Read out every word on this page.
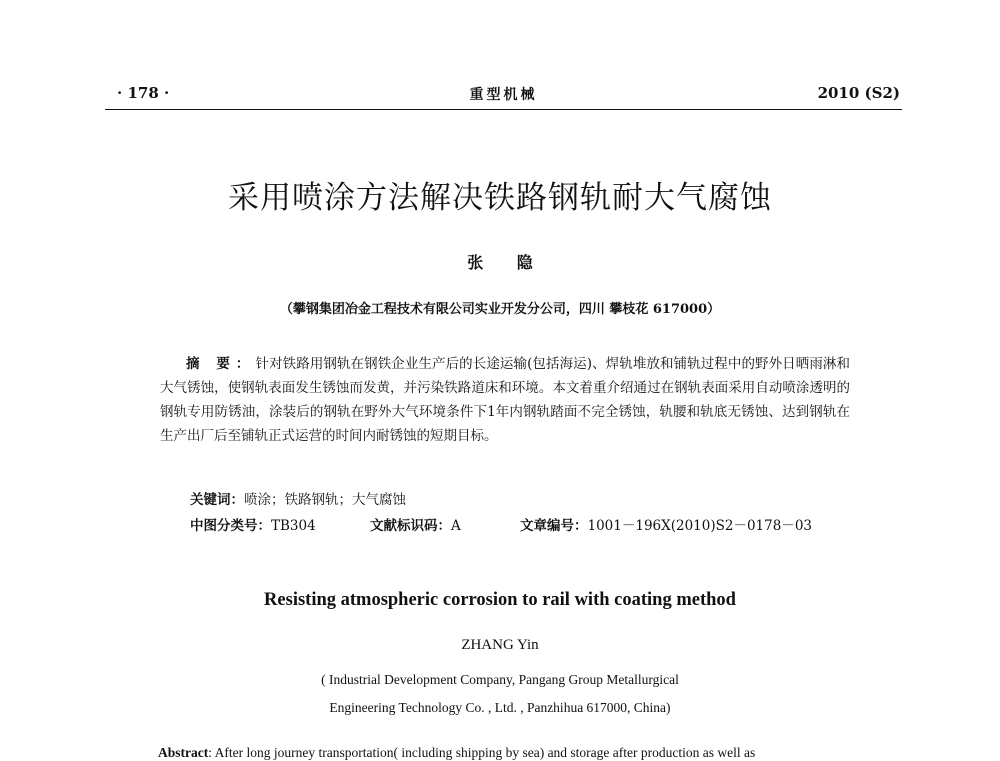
· 178 ·	重型机械	2010 (S2)
采用喷涂方法解决铁路钢轨耐大气腐蚀
张 隐
（攀钢集团冶金工程技术有限公司实业开发分公司，四川 攀枝花 617000）
摘 要：针对铁路用钢轨在钢铁企业生产后的长途运输(包括海运)、焊轨堆放和铺轨过程中的野外日晒雨淋和大气锈蚀，使钢轨表面发生锈蚀而发黄，并污染铁路道床和环境。本文着重介绍通过在钢轨表面采用自动喷涂透明的钢轨专用防锈油，涂装后的钢轨在野外大气环境条件下1年内钢轨踏面不完全锈蚀，轨腰和轨底无锈蚀、达到钢轨在生产出厂后至铺轨正式运营的时间内耐锈蚀的短期目标。
关键词：喷涂；铁路钢轨；大气腐蚀
中图分类号：TB304	文献标识码：A	文章编号：1001－196X(2010)S2－0178－03
Resisting atmospheric corrosion to rail with coating method
ZHANG Yin
( Industrial Development Company, Pangang Group Metallurgical
Engineering Technology Co. , Ltd. , Panzhihua 617000, China)
Abstract: After long journey transportation( including shipping by sea) and storage after production as well as
